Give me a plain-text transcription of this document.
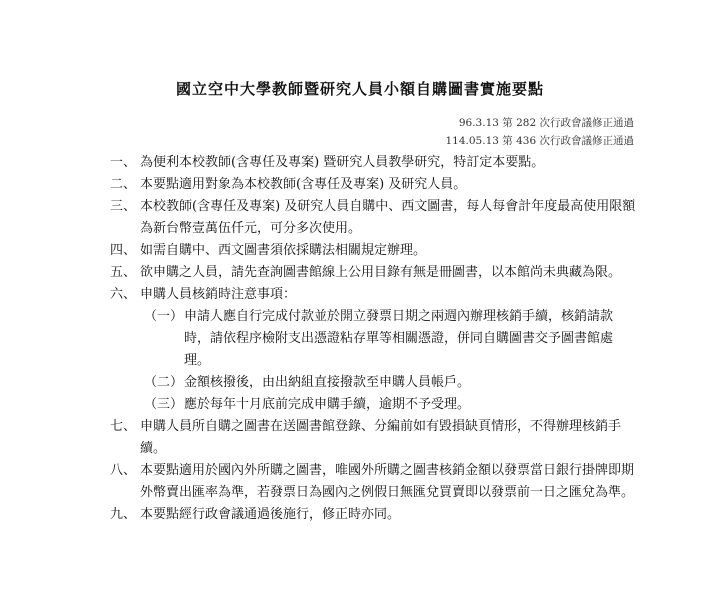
國立空中大學教師暨研究人員小額自購圖書實施要點
96.3.13 第 282 次行政會議修正通過
114.05.13 第 436 次行政會議修正通過
一、 為便利本校教師(含專任及專案) 暨研究人員教學研究，特訂定本要點。
二、 本要點適用對象為本校教師(含專任及專案) 及研究人員。
三、 本校教師(含專任及專案) 及研究人員自購中、西文圖書，每人每會計年度最高使用限額為新台幣壹萬伍仟元，可分多次使用。
四、 如需自購中、西文圖書須依採購法相關規定辦理。
五、 欲申購之人員，請先查詢圖書館線上公用目錄有無是冊圖書，以本館尚未典藏為限。
六、 申購人員核銷時注意事項：
（一） 申請人應自行完成付款並於開立發票日期之兩週內辦理核銷手續，核銷請款時，請依程序檢附支出憑證粘存單等相關憑證，併同自購圖書交予圖書館處理。
（二） 金額核撥後，由出納組直接撥款至申購人員帳戶。
（三） 應於每年十月底前完成申購手續，逾期不予受理。
七、 申購人員所自購之圖書在送圖書館登錄、分編前如有毀損缺頁情形，不得辦理核銷手續。
八、 本要點適用於國內外所購之圖書，唯國外所購之圖書核銷金額以發票當日銀行掛牌即期外幣賣出匯率為準，若發票日為國內之例假日無匯兌買賣即以發票前一日之匯兌為準。
九、 本要點經行政會議通過後施行，修正時亦同。
